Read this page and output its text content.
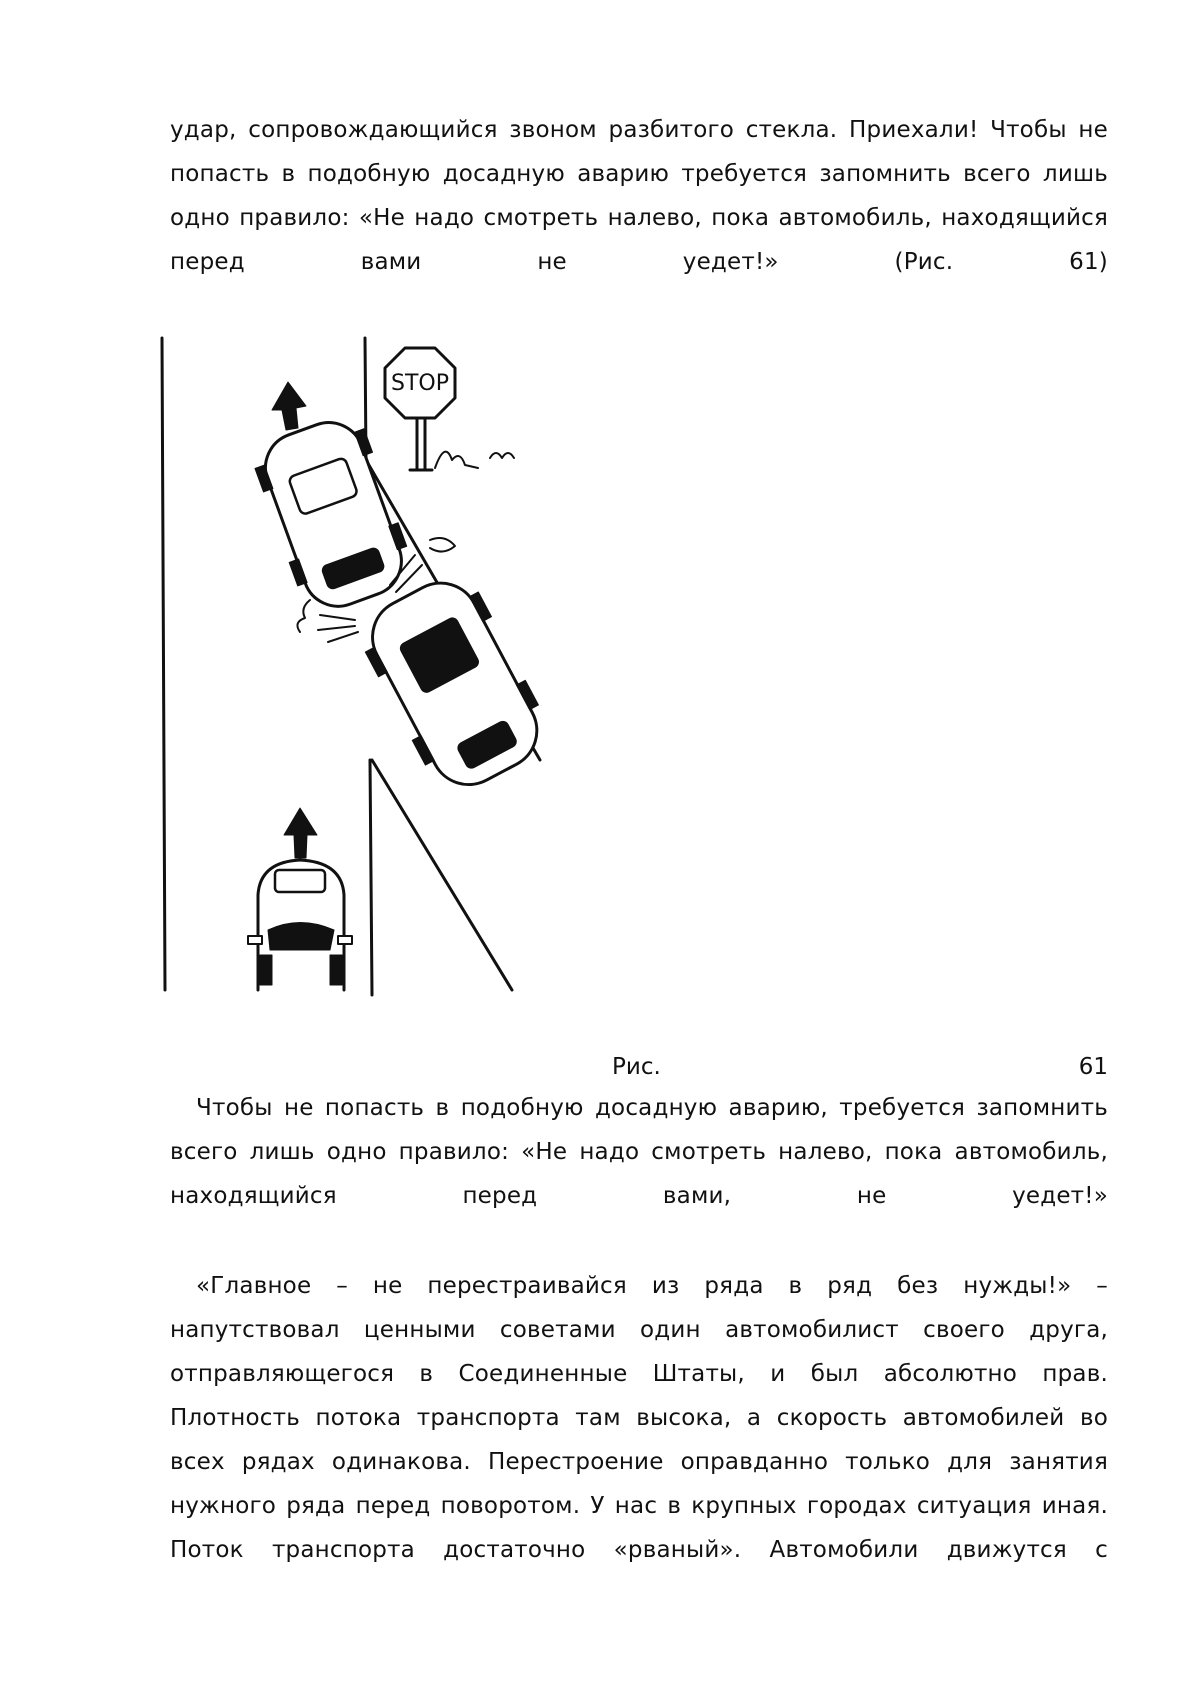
удар, сопровождающийся звоном разбитого стекла. Приехали! Чтобы не
попасть в подобную досадную аварию требуется запомнить всего лишь
одно правило: «Не надо смотреть налево, пока автомобиль, находящийся
перед	вами	не	уедет!»	(Рис.	61)
STOP
Рис.	61
Чтобы не попасть в подобную досадную аварию, требуется запомнить
всего лишь одно правило: «Не надо смотреть налево, пока автомобиль,
находящийся	перед	вами,	не	уедет!»
«Главное – не перестраивайся из ряда в ряд без нужды!» –
напутствовал ценными советами один автомобилист своего друга,
отправляющегося в Соединенные Штаты, и был абсолютно прав.
Плотность потока транспорта там высока, а скорость автомобилей во
всех рядах одинакова. Перестроение оправданно только для занятия
нужного ряда перед поворотом. У нас в крупных городах ситуация иная.
Поток транспорта достаточно «рваный». Автомобили движутся с
